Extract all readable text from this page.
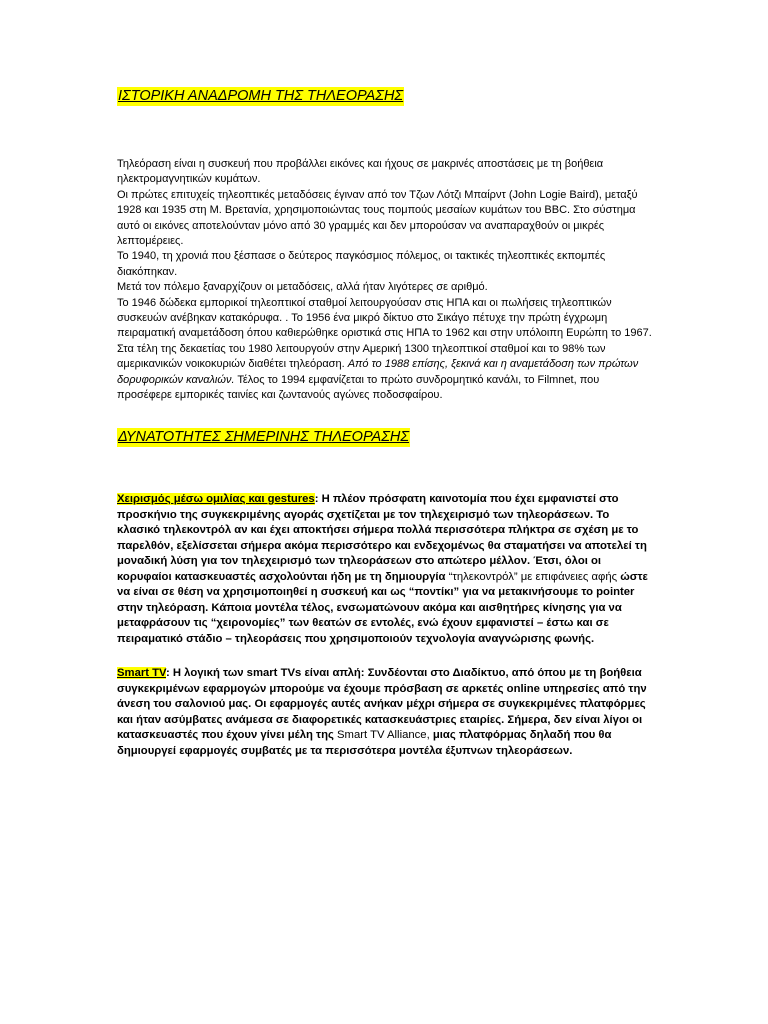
ΙΣΤΟΡΙΚΗ ΑΝΑΔΡΟΜΗ ΤΗΣ ΤΗΛΕΟΡΑΣΗΣ

Τηλεόραση είναι η συσκευή που προβάλλει εικόνες και ήχους σε μακρινές αποστάσεις με τη βοήθεια ηλεκτρομαγνητικών κυμάτων.

Οι πρώτες επιτυχείς τηλεοπτικές μεταδόσεις έγιναν από τον Τζων Λότζι Μπαίρντ (John Logie Baird), μεταξύ 1928 και 1935 στη Μ. Βρετανία, χρησιμοποιώντας τους πομπούς μεσαίων κυμάτων του BBC. Στο σύστημα αυτό οι εικόνες αποτελούνταν μόνο από 30 γραμμές και δεν μπορούσαν να αναπαραχθούν οι μικρές λεπτομέρειες.

Το 1940, τη χρονιά που ξέσπασε ο δεύτερος παγκόσμιος πόλεμος, οι τακτικές τηλεοπτικές εκπομπές διακόπηκαν.

Μετά τον πόλεμο ξαναρχίζουν οι μεταδόσεις, αλλά ήταν λιγότερες σε αριθμό.

Το 1946 δώδεκα εμπορικοί τηλεοπτικοί σταθμοί λειτουργούσαν στις ΗΠΑ και οι πωλήσεις τηλεοπτικών συσκευών ανέβηκαν κατακόρυφα. . Το 1956 ένα μικρό δίκτυο στο Σικάγο πέτυχε την πρώτη έγχρωμη πειραματική αναμετάδοση όπου καθιερώθηκε οριστικά στις ΗΠΑ το 1962 και στην υπόλοιπη Ευρώπη το 1967. Στα τέλη της δεκαετίας του 1980 λειτουργούν στην Αμερική 1300 τηλεοπτικοί σταθμοί και το 98% των αμερικανικών νοικοκυριών διαθέτει τηλεόραση. Από το 1988 επίσης, ξεκινά και η αναμετάδοση των πρώτων δορυφορικών καναλιών. Τέλος το 1994 εμφανίζεται το πρώτο συνδρομητικό κανάλι, το Filmnet, που προσέφερε εμπορικές ταινίες και ζωντανούς αγώνες ποδοσφαίρου.

ΔΥΝΑΤΟΤΗΤΕΣ ΣΗΜΕΡΙΝΗΣ ΤΗΛΕΟΡΑΣΗΣ

Χειρισμός μέσω ομιλίας και gestures: Η πλέον πρόσφατη καινοτομία που έχει εμφανιστεί στο προσκήνιο της συγκεκριμένης αγοράς σχετίζεται με τον τηλεχειρισμό των τηλεοράσεων. Το κλασικό τηλεκοντρόλ αν και έχει αποκτήσει σήμερα πολλά περισσότερα πλήκτρα σε σχέση με το παρελθόν, εξελίσσεται σήμερα ακόμα περισσότερο και ενδεχομένως θα σταματήσει να αποτελεί τη μοναδική λύση για τον τηλεχειρισμό των τηλεοράσεων στο απώτερο μέλλον. Έτσι, όλοι οι κορυφαίοι κατασκευαστές ασχολούνται ήδη με τη δημιουργία “τηλεκοντρόλ” με επιφάνειες αφής ώστε να είναι σε θέση να χρησιμοποιηθεί η συσκευή και ως “ποντίκι” για να μετακινήσουμε το pointer στην τηλεόραση. Κάποια μοντέλα τέλος, ενσωματώνουν ακόμα και αισθητήρες κίνησης για να μεταφράσουν τις “χειρονομίες” των θεατών σε εντολές, ενώ έχουν εμφανιστεί – έστω και σε πειραματικό στάδιο – τηλεοράσεις που χρησιμοποιούν τεχνολογία αναγνώρισης φωνής.

Smart TV: Η λογική των smart TVs είναι απλή: Συνδέονται στο Διαδίκτυο, από όπου με τη βοήθεια συγκεκριμένων εφαρμογών μπορούμε να έχουμε πρόσβαση σε αρκετές online υπηρεσίες από την άνεση του σαλονιού μας. Οι εφαρμογές αυτές ανήκαν μέχρι σήμερα σε συγκεκριμένες πλατφόρμες και ήταν ασύμβατες ανάμεσα σε διαφορετικές κατασκευάστριες εταιρίες. Σήμερα, δεν είναι λίγοι οι κατασκευαστές που έχουν γίνει μέλη της Smart TV Alliance, μιας πλατφόρμας δηλαδή που θα δημιουργεί εφαρμογές συμβατές με τα περισσότερα μοντέλα έξυπνων τηλεοράσεων.
